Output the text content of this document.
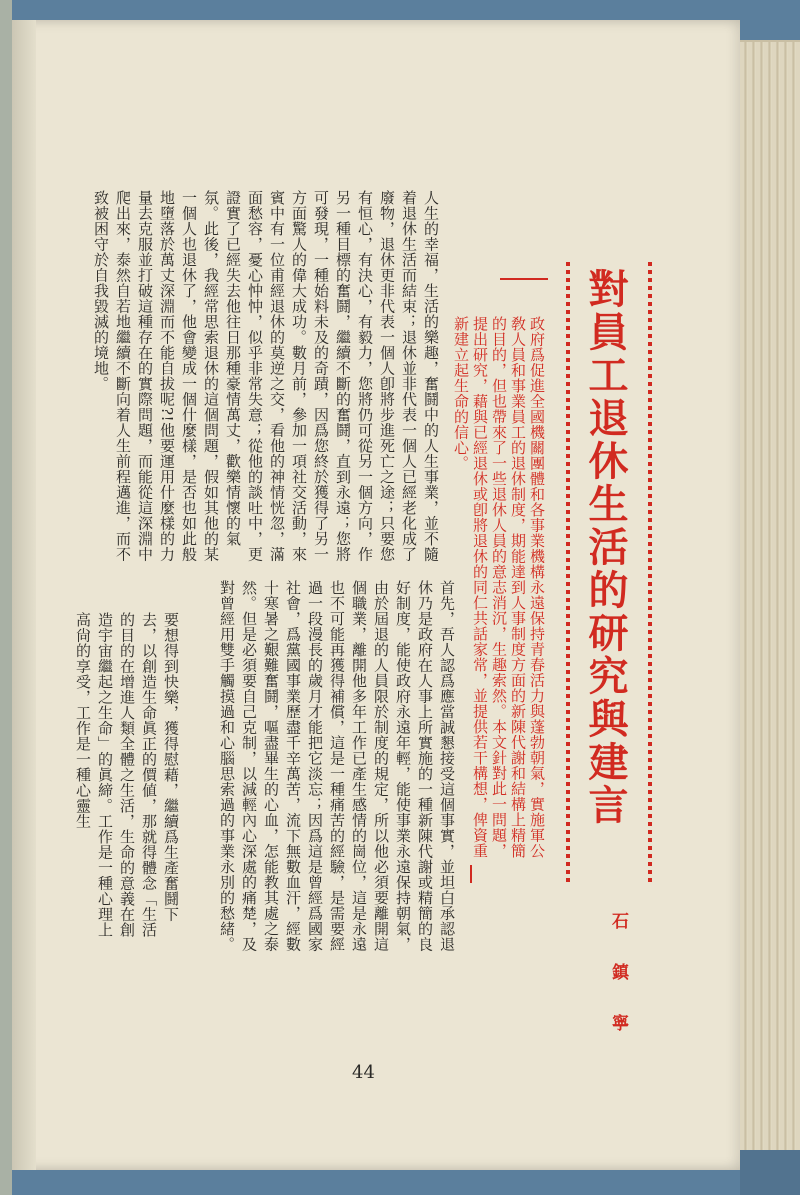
對員工退休生活的研究與建言
政府爲促進全國機關團體和各事業機構永遠保持青春活力與蓬勃朝氣，實施軍公敎人員和事業員工的退休制度，期能達到人事制度方面的新陳代謝和結構上精簡的目的，但也帶來了一些退休人員的意志消沉，生趣索然。本文針對此一問題，提出研究，藉與已經退休或卽將退休的同仁共話家常，並提供若干構想，俾資重新建立起生命的信心。
石 鎮 寧
人生的幸福，生活的樂趣，奮鬪中的人生事業，並不隨着退休生活而結束；退休並非代表一個人已經老化成了廢物，退休更非代表一個人卽將步進死亡之途；只要您有恒心，有決心，有毅力，您將仍可從另一個方向，作另一種目標的奮鬪，繼續不斷的奮鬪，直到永遠；您將可發現，一種始料未及的奇蹟，因爲您終於獲得了另一方面驚人的偉大成功。數月前，參加一項社交活動，來賓中有一位甫經退休的莫逆之交，看他的神情恍忽，滿面愁容，憂心忡忡，似乎非常失意；從他的談吐中，更證實了已經失去他往日那種豪情萬丈，歡樂情懷的氣氛。此後，我經常思索退休的這個問題，假如其他的某一個人也退休了，他會變成一個什麼樣，是否也如此般地墮落於萬丈深淵而不能自拔呢?!他要運用什麼樣的力量去克服並打破這種存在的實際問題，而能從這深淵中爬出來，泰然自若地繼續不斷向着人生前程邁進，而不致被困守於自我毀滅的境地。
首先，吾人認爲應當誠懇接受這個事實，並坦白承認退休乃是政府在人事上所實施的一種新陳代謝或精簡的良好制度，能使政府永遠年輕，能使事業永遠保持朝氣，由於屆退的人員限於制度的規定，所以他必須要離開這個職業，離開他多年工作已產生感情的崗位，這是永遠也不可能再獲得補償，這是一種痛苦的經驗，是需要經過一段漫長的歲月才能把它淡忘；因爲這是曾經爲國家社會，爲黨國事業歷盡千辛萬苦，流下無數血汗，經數十寒暑之艱難奮鬪，嘔盡畢生的心血，怎能教其處之泰然。但是必須要自己克制，以減輕內心深處的痛楚，及對曾經用雙手觸摸過和心腦思索過的事業永別的愁緒。
要想得到快樂，獲得慰藉，繼續爲生產奮鬪下去，以創造生命眞正的價値，那就得體念「生活的目的在增進人類全體之生活，生命的意義在創造宇宙繼起之生命」的眞締。工作是一種心理上高尙的享受，工作是一種心靈生
44
